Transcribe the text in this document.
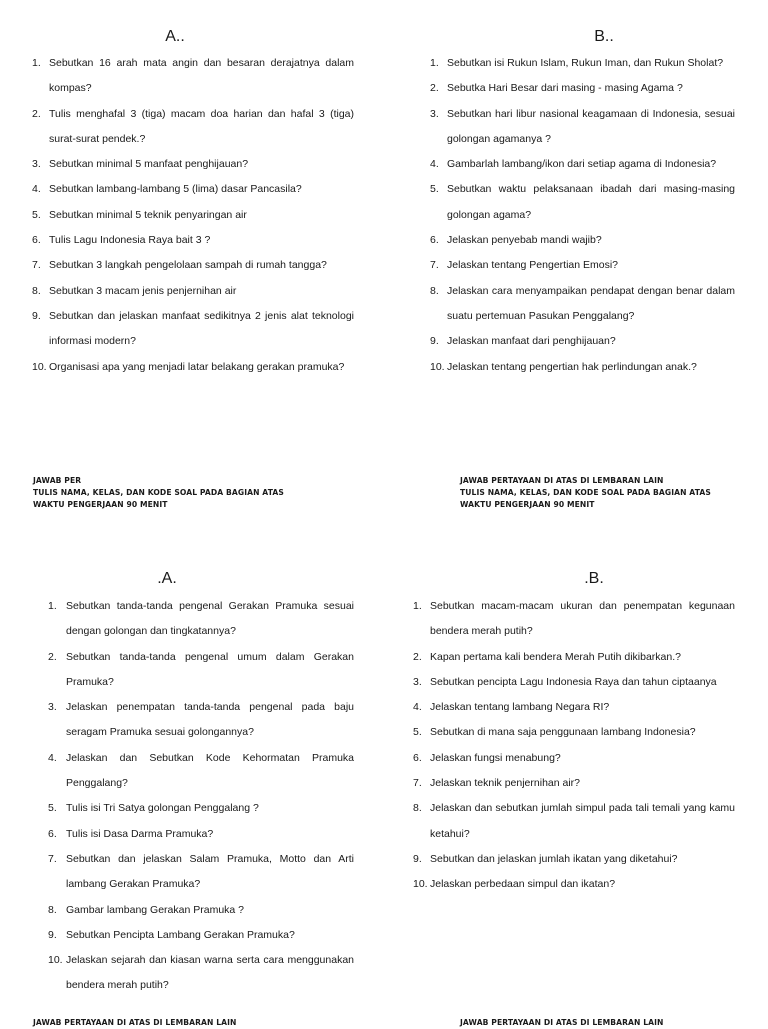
A..
1. Sebutkan 16 arah mata angin dan besaran derajatnya dalam kompas?
2. Tulis menghafal 3 (tiga) macam doa harian dan hafal 3 (tiga) surat-surat pendek.?
3. Sebutkan minimal 5 manfaat penghijauan?
4. Sebutkan lambang-lambang 5 (lima) dasar Pancasila?
5. Sebutkan minimal 5 teknik penyaringan air
6. Tulis Lagu Indonesia Raya bait 3 ?
7. Sebutkan 3 langkah pengelolaan sampah di rumah tangga?
8. Sebutkan 3 macam jenis penjernihan air
9. Sebutkan dan jelaskan manfaat sedikitnya 2 jenis alat teknologi informasi modern?
10. Organisasi apa yang menjadi latar belakang gerakan pramuka?
B..
1. Sebutkan isi Rukun Islam, Rukun Iman, dan Rukun Sholat?
2. Sebutka Hari Besar dari masing - masing Agama ?
3. Sebutkan hari libur nasional keagamaan di Indonesia, sesuai golongan agamanya ?
4. Gambarlah lambang/ikon dari setiap agama di Indonesia?
5. Sebutkan waktu pelaksanaan ibadah dari masing-masing golongan agama?
6. Jelaskan penyebab mandi wajib?
7. Jelaskan tentang Pengertian Emosi?
8. Jelaskan cara menyampaikan pendapat dengan benar dalam suatu pertemuan Pasukan Penggalang?
9. Jelaskan manfaat dari penghijauan?
10. Jelaskan tentang pengertian hak perlindungan anak.?
.A.
1. Sebutkan tanda-tanda pengenal Gerakan Pramuka sesuai dengan golongan dan tingkatannya?
2. Sebutkan tanda-tanda pengenal umum dalam Gerakan Pramuka?
3. Jelaskan penempatan tanda-tanda pengenal pada baju seragam Pramuka sesuai golongannya?
4. Jelaskan dan Sebutkan Kode Kehormatan Pramuka Penggalang?
5. Tulis isi Tri Satya golongan Penggalang ?
6. Tulis isi Dasa Darma Pramuka?
7. Sebutkan dan jelaskan Salam Pramuka, Motto dan Arti lambang Gerakan Pramuka?
8. Gambar lambang Gerakan Pramuka ?
9. Sebutkan Pencipta Lambang Gerakan Pramuka?
10. Jelaskan sejarah dan kiasan warna serta cara menggunakan bendera merah putih?
.B.
1. Sebutkan macam-macam ukuran dan penempatan kegunaan bendera merah putih?
2. Kapan pertama kali bendera Merah Putih dikibarkan.?
3. Sebutkan pencipta Lagu Indonesia Raya dan tahun ciptaanya
4. Jelaskan tentang lambang Negara RI?
5. Sebutkan di mana saja penggunaan lambang Indonesia?
6. Jelaskan fungsi menabung?
7. Jelaskan teknik penjernihan air?
8. Jelaskan dan sebutkan jumlah simpul pada tali temali yang kamu ketahui?
9. Sebutkan dan jelaskan jumlah ikatan yang diketahui?
10. Jelaskan perbedaan simpul dan ikatan?
JAWAB PER
TULIS NAMA, KELAS, DAN KODE SOAL PADA BAGIAN ATAS
WAKTU PENGERJAAN 90 MENIT
JAWAB PERTAYAAN DI ATAS DI LEMBARAN LAIN
TULIS NAMA, KELAS, DAN KODE SOAL PADA BAGIAN ATAS
WAKTU PENGERJAAN 90 MENIT
JAWAB PERTAYAAN DI ATAS DI LEMBARAN LAIN	JAWAB PERTAYAAN DI ATAS DI LEMBARAN LAIN
